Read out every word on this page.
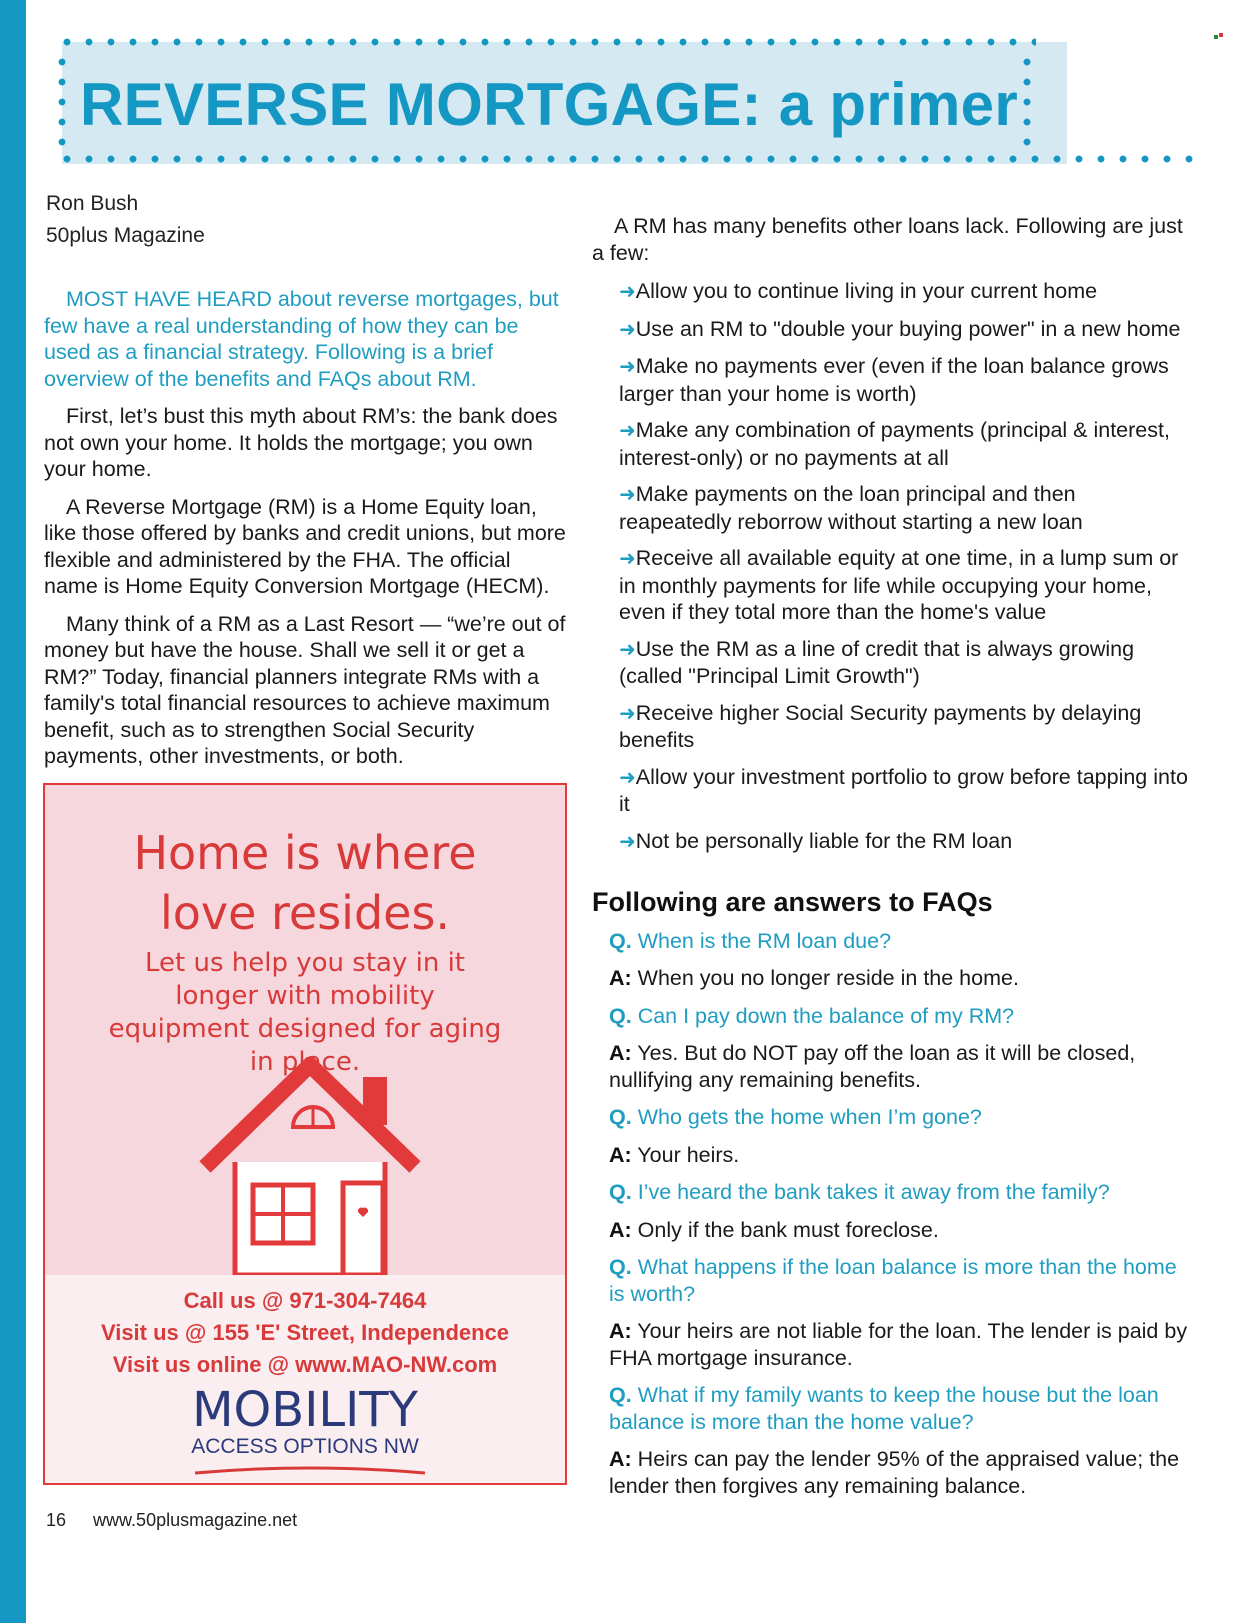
REVERSE MORTGAGE: a primer
Ron Bush
50plus Magazine

MOST HAVE HEARD about reverse mortgages, but few have a real understanding of how they can be used as a financial strategy. Following is a brief overview of the benefits and FAQs about RM.

First, let’s bust this myth about RM’s: the bank does not own your home. It holds the mortgage; you own your home.

A Reverse Mortgage (RM) is a Home Equity loan, like those offered by banks and credit unions, but more flexible and administered by the FHA. The official name is Home Equity Conversion Mortgage (HECM).

Many think of a RM as a Last Resort — “we’re out of money but have the house. Shall we sell it or get a RM?” Today, financial planners integrate RMs with a family's total financial resources to achieve maximum benefit, such as to strengthen Social Security payments, other investments, or both.

Home is where love resides.
Let us help you stay in it longer with mobility equipment designed for aging in place.
Call us @ 971-304-7464
Visit us @ 155 'E' Street, Independence
Visit us online @ www.MAO-NW.com
MOBILITY
ACCESS OPTIONS NW

A RM has many benefits other loans lack. Following are just a few:

➜Allow you to continue living in your current home
➜Use an RM to "double your buying power" in a new home
➜Make no payments ever (even if the loan balance grows larger than your home is worth)
➜Make any combination of payments (principal & interest, interest-only) or no payments at all
➜Make payments on the loan principal and then reapeatedly reborrow without starting a new loan
➜Receive all available equity at one time, in a lump sum or in monthly payments for life while occupying your home, even if they total more than the home's value
➜Use the RM as a line of credit that is always growing (called "Principal Limit Growth")
➜Receive higher Social Security payments by delaying benefits
➜Allow your investment portfolio to grow before tapping into it
➜Not be personally liable for the RM loan
Following are answers to FAQs

Q. When is the RM loan due?

A: When you no longer reside in the home.

Q. Can I pay down the balance of my RM?

A: Yes. But do NOT pay off the loan as it will be closed, nullifying any remaining benefits.

Q. Who gets the home when I’m gone?

A: Your heirs.

Q. I’ve heard the bank takes it away from the family?

A: Only if the bank must foreclose.

Q. What happens if the loan balance is more than the home is worth?

A: Your heirs are not liable for the loan. The lender is paid by FHA mortgage insurance.

Q. What if my family wants to keep the house but the loan balance is more than the home value?

A: Heirs can pay the lender 95% of the appraised value; the lender then forgives any remaining balance.

16 www.50plusmagazine.net
